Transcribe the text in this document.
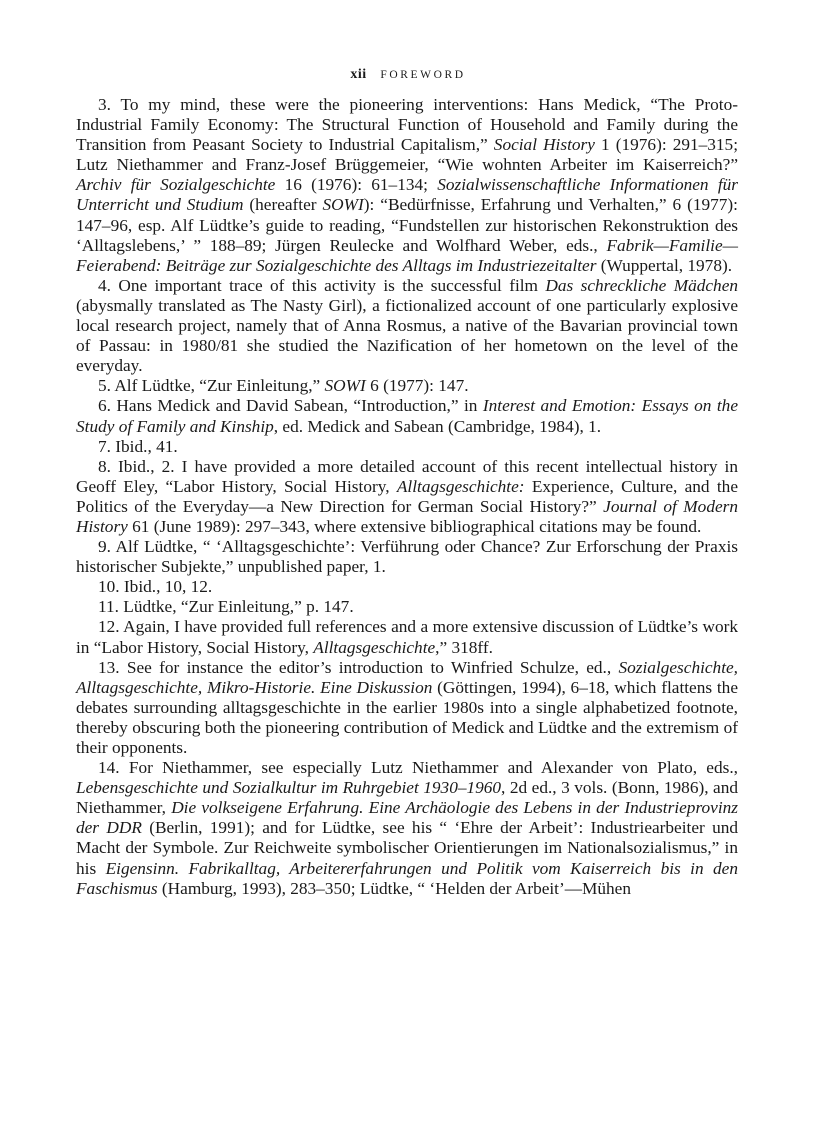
xii FOREWORD

3. To my mind, these were the pioneering interventions: Hans Medick, “The Proto-Industrial Family Economy: The Structural Function of Household and Family during the Transition from Peasant Society to Industrial Capitalism,” Social History 1 (1976): 291–315; Lutz Niethammer and Franz-Josef Brüggemeier, “Wie wohnten Arbeiter im Kaiserreich?” Archiv für Sozialgeschichte 16 (1976): 61–134; Sozialwissenschaftliche Informationen für Unterricht und Studium (hereafter SOWI): “Bedürfnisse, Erfahrung und Verhalten,” 6 (1977): 147–96, esp. Alf Lüdtke’s guide to reading, “Fundstellen zur historischen Rekonstruktion des ‘Alltagslebens,’ ” 188–89; Jürgen Reulecke and Wolfhard Weber, eds., Fabrik—Familie—Feierabend: Beiträge zur Sozialgeschichte des Alltags im Industriezeitalter (Wuppertal, 1978).

4. One important trace of this activity is the successful film Das schreckliche Mädchen (abysmally translated as The Nasty Girl), a fictionalized account of one particularly explosive local research project, namely that of Anna Rosmus, a native of the Bavarian provincial town of Passau: in 1980/81 she studied the Nazification of her hometown on the level of the everyday.

5. Alf Lüdtke, “Zur Einleitung,” SOWI 6 (1977): 147.

6. Hans Medick and David Sabean, “Introduction,” in Interest and Emotion: Essays on the Study of Family and Kinship, ed. Medick and Sabean (Cambridge, 1984), 1.

7. Ibid., 41.

8. Ibid., 2. I have provided a more detailed account of this recent intellectual history in Geoff Eley, “Labor History, Social History, Alltagsgeschichte: Experience, Culture, and the Politics of the Everyday—a New Direction for German Social History?” Journal of Modern History 61 (June 1989): 297–343, where extensive bibliographical citations may be found.

9. Alf Lüdtke, “ ‘Alltagsgeschichte’: Verführung oder Chance? Zur Erforschung der Praxis historischer Subjekte,” unpublished paper, 1.

10. Ibid., 10, 12.

11. Lüdtke, “Zur Einleitung,” p. 147.

12. Again, I have provided full references and a more extensive discussion of Lüdtke’s work in “Labor History, Social History, Alltagsgeschichte,” 318ff.

13. See for instance the editor’s introduction to Winfried Schulze, ed., Sozialgeschichte, Alltagsgeschichte, Mikro-Historie. Eine Diskussion (Göttingen, 1994), 6–18, which flattens the debates surrounding alltagsgeschichte in the earlier 1980s into a single alphabetized footnote, thereby obscuring both the pioneering contribution of Medick and Lüdtke and the extremism of their opponents.

14. For Niethammer, see especially Lutz Niethammer and Alexander von Plato, eds., Lebensgeschichte und Sozialkultur im Ruhrgebiet 1930–1960, 2d ed., 3 vols. (Bonn, 1986), and Niethammer, Die volkseigene Erfahrung. Eine Archäologie des Lebens in der Industrieprovinz der DDR (Berlin, 1991); and for Lüdtke, see his “ ‘Ehre der Arbeit’: Industriearbeiter und Macht der Symbole. Zur Reichweite symbolischer Orientierungen im Nationalsozialismus,” in his Eigensinn. Fabrikalltag, Arbeitererfahrungen und Politik vom Kaiserreich bis in den Faschismus (Hamburg, 1993), 283–350; Lüdtke, “ ‘Helden der Arbeit’—Mühen
